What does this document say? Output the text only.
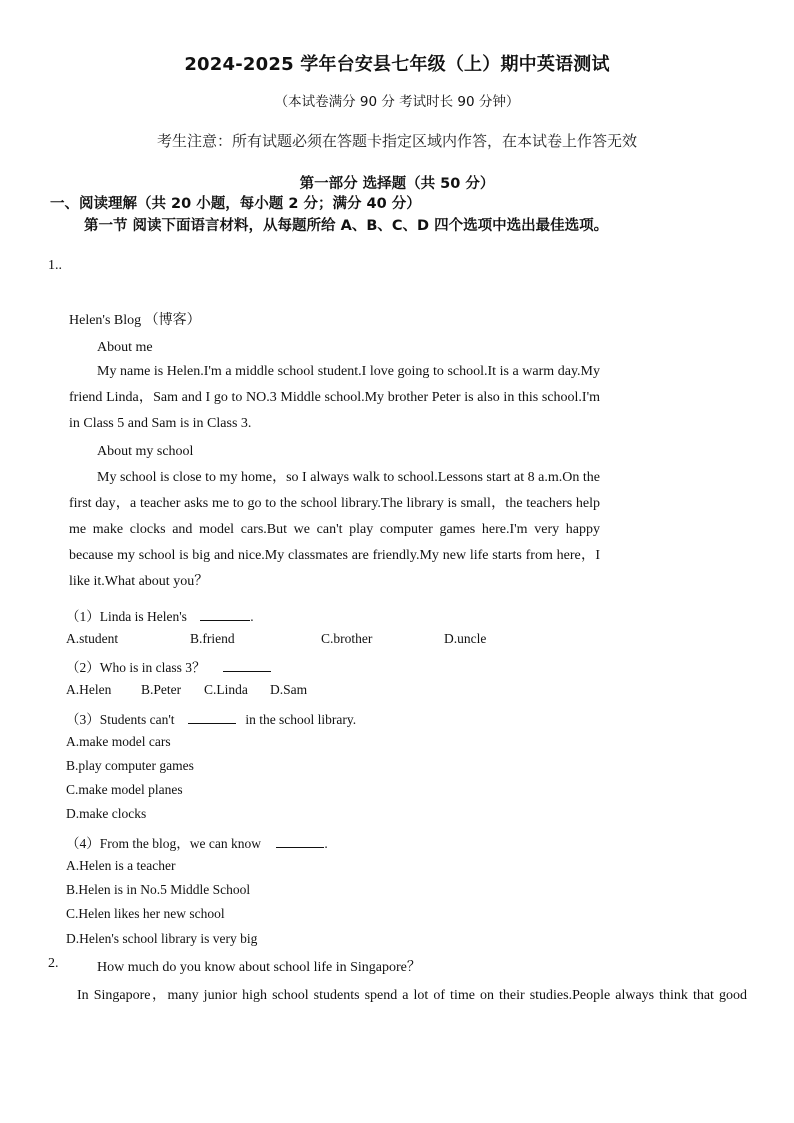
2024-2025 学年台安县七年级（上）期中英语测试
（本试卷满分 90 分 考试时长 90 分钟）
考生注意：所有试题必须在答题卡指定区域内作答，在本试卷上作答无效
第一部分 选择题（共 50 分）
一、阅读理解（共 20 小题，每小题 2 分；满分 40 分）
第一节 阅读下面语言材料，从每题所给 A、B、C、D 四个选项中选出最佳选项。
1..
Helen's Blog （博客）
About me
My name is Helen.I'm a middle school student.I love going to school.It is a warm day.My friend Linda，Sam and I go to NO.3 Middle school.My brother Peter is also in this school.I'm in Class 5 and Sam is in Class 3.
About my school
My school is close to my home，so I always walk to school.Lessons start at 8 a.m.On the first day，a teacher asks me to go to the school library.The library is small，the teachers help me make clocks and model cars.But we can't play computer games here.I'm very happy because my school is big and nice.My classmates are friendly.My new life starts from here，I like it.What about you？
（1）Linda is Helen's	.
A.student	B.friend	C.brother	D.uncle
（2）Who is in class 3？
A.Helen B.Peter C.Linda D.Sam
（3）Students can't	in the school library.
A.make model cars
B.play computer games
C.make model planes
D.make clocks
（4）From the blog，we can know	.
A.Helen is a teacher
B.Helen is in No.5 Middle School
C.Helen likes her new school
D.Helen's school library is very big
2.	How much do you know about school life in Singapore？
In Singapore，many junior high school students spend a lot of time on their studies.People always think that good
